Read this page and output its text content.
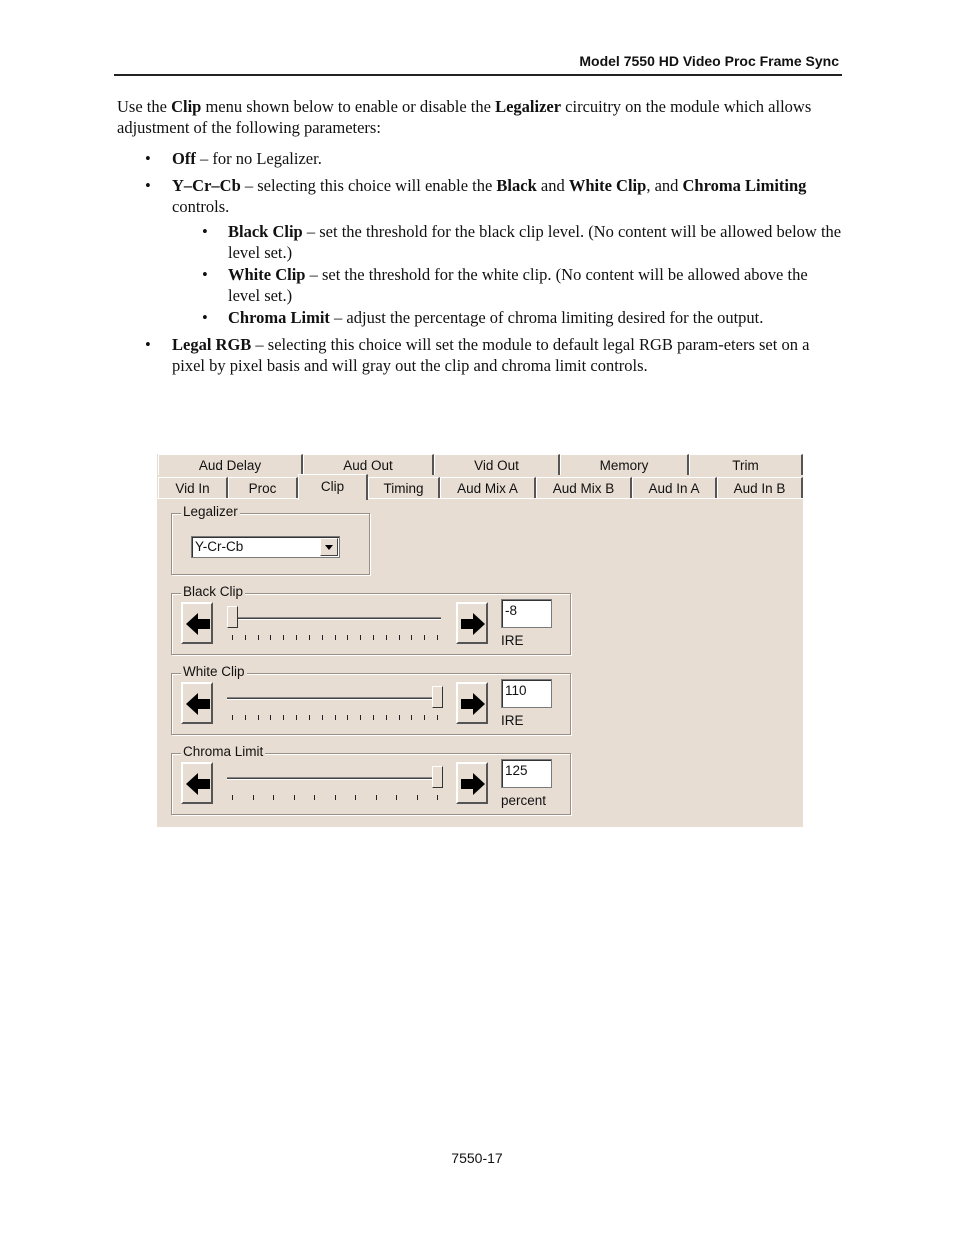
Model 7550 HD Video Proc Frame Sync

Use the Clip menu shown below to enable or disable the Legalizer circuitry on the module which allows adjustment of the following parameters:

• Off – for no Legalizer.
• Y–Cr–Cb – selecting this choice will enable the Black and White Clip, and Chroma Limiting controls.
• Black Clip – set the threshold for the black clip level. (No content will be allowed below the level set.)
• White Clip – set the threshold for the white clip. (No content will be allowed above the level set.)
• Chroma Limit – adjust the percentage of chroma limiting desired for the output.
• Legal RGB – selecting this choice will set the module to default legal RGB param-eters set on a pixel by pixel basis and will gray out the clip and chroma limit controls.
Aud Delay	Aud Out	Vid Out	Memory	Trim
Vid In	Proc	Clip	Timing	Aud Mix A	Aud Mix B	Aud In A	Aud In B
Legalizer
Y-Cr-Cb
Black Clip
-8
IRE
White Clip
110
IRE
Chroma Limit
125
percent
7550-17
